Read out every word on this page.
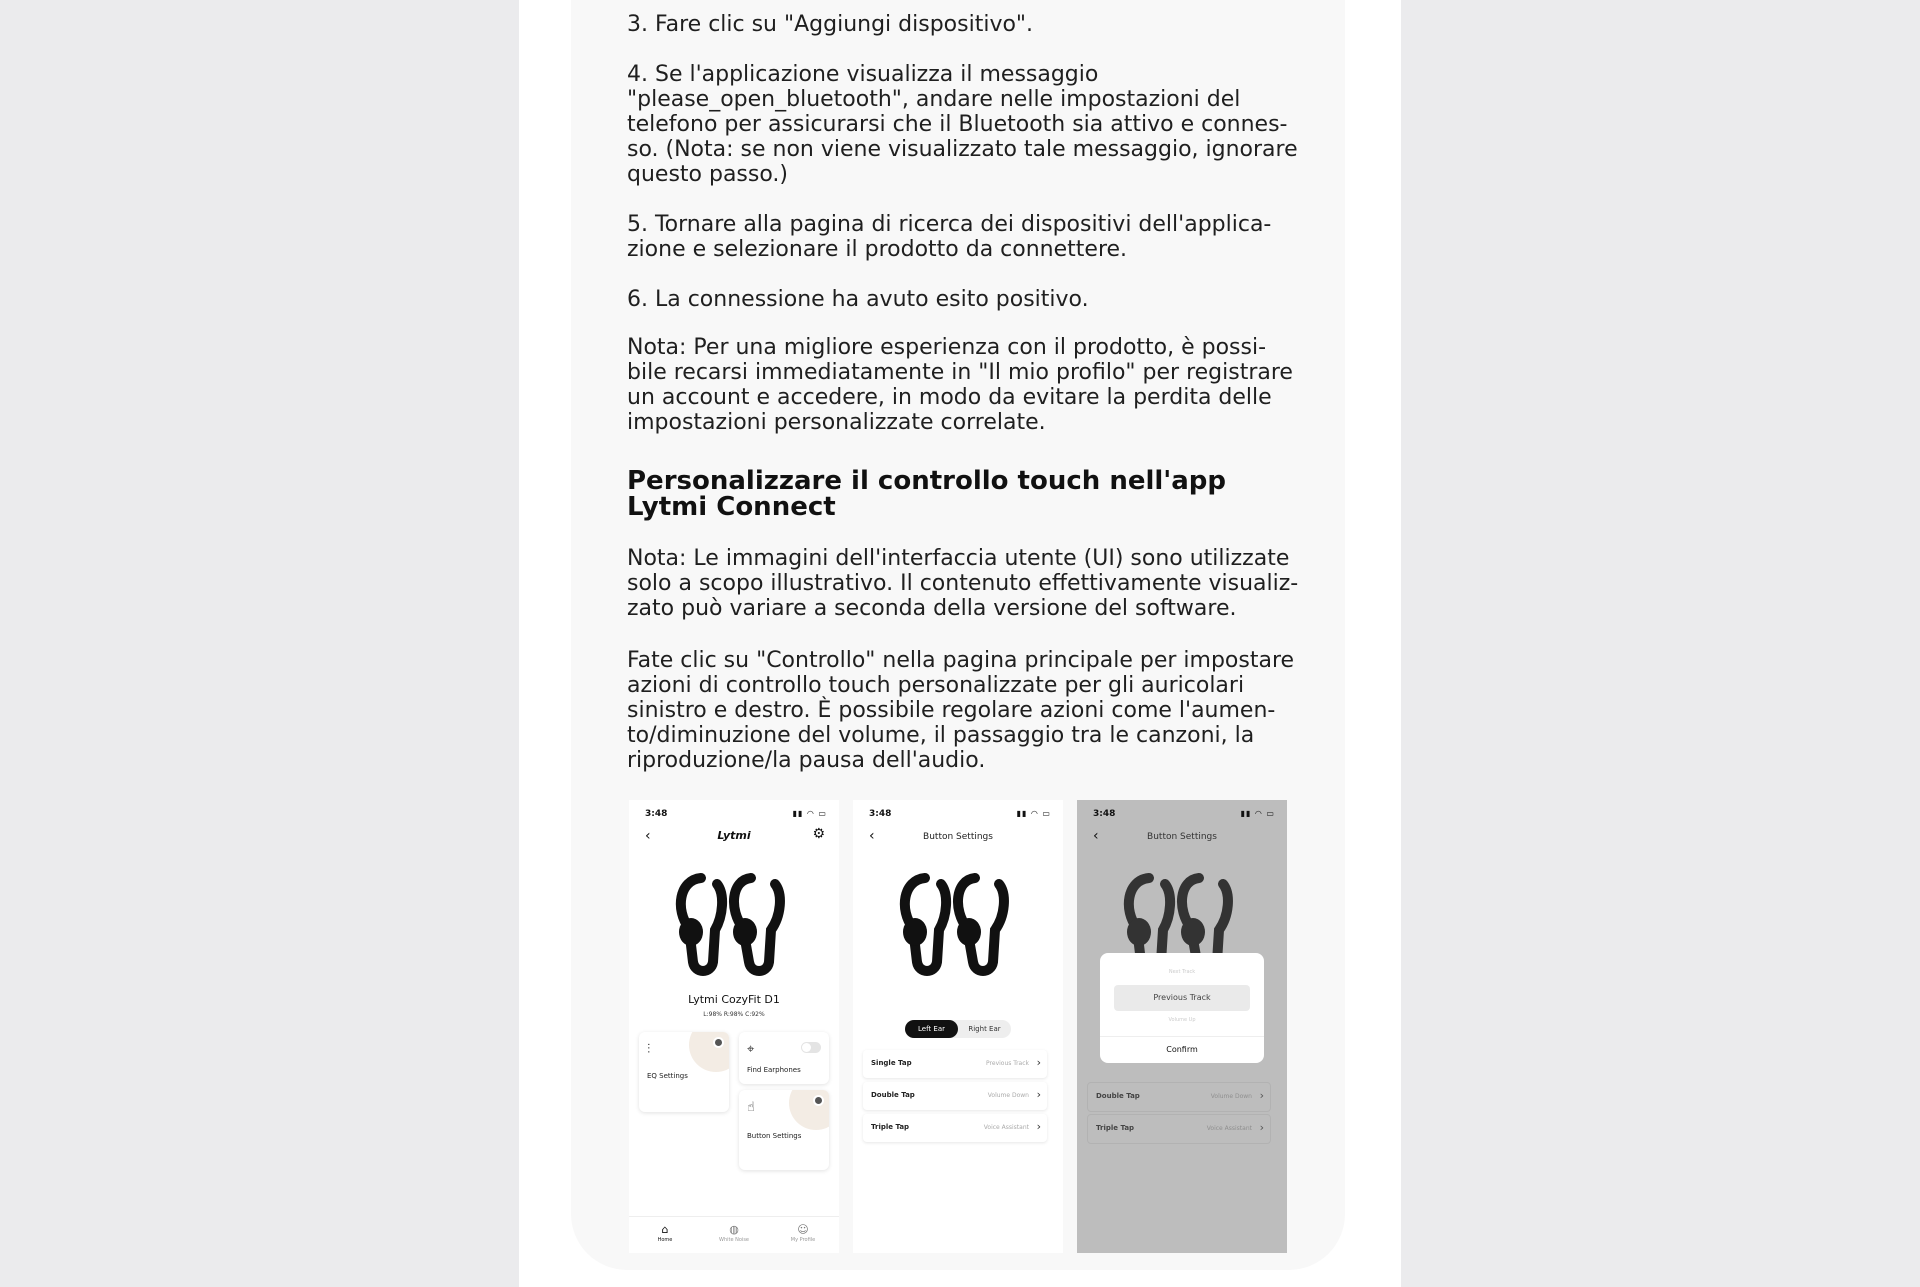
3. Fare clic su "Aggiungi dispositivo".

4. Se l'applicazione visualizza il messaggio
"please_open_bluetooth", andare nelle impostazioni del
telefono per assicurarsi che il Bluetooth sia attivo e connes-
so. (Nota: se non viene visualizzato tale messaggio, ignorare
questo passo.)

5. Tornare alla pagina di ricerca dei dispositivi dell'applica-
zione e selezionare il prodotto da connettere.

6. La connessione ha avuto esito positivo.

Nota: Per una migliore esperienza con il prodotto, è possi-
bile recarsi immediatamente in "Il mio profilo" per registrare
un account e accedere, in modo da evitare la perdita delle
impostazioni personalizzate correlate.

Personalizzare il controllo touch nell'app
Lytmi Connect

Nota: Le immagini dell'interfaccia utente (UI) sono utilizzate
solo a scopo illustrativo. Il contenuto effettivamente visualiz-
zato può variare a seconda della versione del software.

Fate clic su "Controllo" nella pagina principale per impostare
azioni di controllo touch personalizzate per gli auricolari
sinistro e destro. È possibile regolare azioni come l'aumen-
to/diminuzione del volume, il passaggio tra le canzoni, la
riproduzione/la pausa dell'audio.

3:48	▮▮ ◠ ▭
‹	Lytmi	⚙
Lytmi CozyFit D1
L:98% R:98% C:92%
⫶
EQ Settings
⌖
Find Earphones
☝
Button Settings
⌂
Home
◍
White Noise
☺
My Profile
3:48	▮▮ ◠ ▭
‹	Button Settings
Left Ear	Right Ear
Single Tap	Previous Track ›
Double Tap	Volume Down ›
Triple Tap	Voice Assistant ›
3:48	▮▮ ◠ ▭
‹	Button Settings
Next Track
Previous Track
Volume Up
Confirm
Double Tap	Volume Down ›
Triple Tap	Voice Assistant ›
